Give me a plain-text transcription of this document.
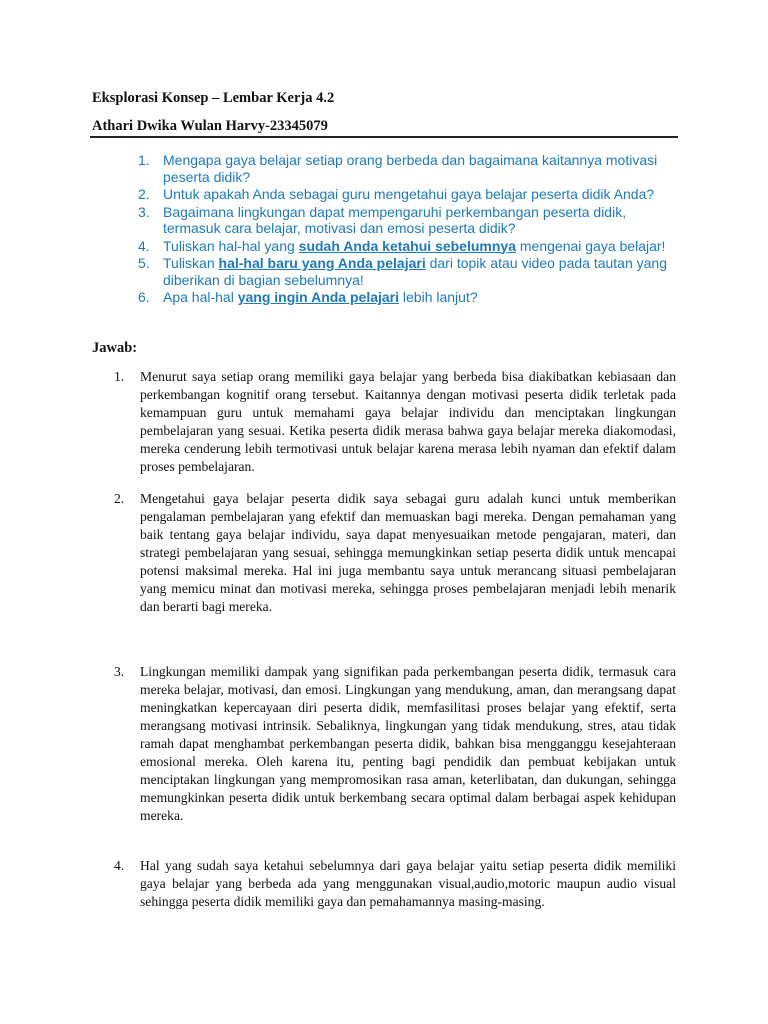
Eksplorasi Konsep – Lembar Kerja 4.2
Athari Dwika Wulan Harvy-23345079
1. Mengapa gaya belajar setiap orang berbeda dan bagaimana kaitannya motivasi peserta didik?
2. Untuk apakah Anda sebagai guru mengetahui gaya belajar peserta didik Anda?
3. Bagaimana lingkungan dapat mempengaruhi perkembangan peserta didik, termasuk cara belajar, motivasi dan emosi peserta didik?
4. Tuliskan hal-hal yang sudah Anda ketahui sebelumnya mengenai gaya belajar!
5. Tuliskan hal-hal baru yang Anda pelajari dari topik atau video pada tautan yang diberikan di bagian sebelumnya!
6. Apa hal-hal yang ingin Anda pelajari lebih lanjut?
Jawab:
1. Menurut saya setiap orang memiliki gaya belajar yang berbeda bisa diakibatkan kebiasaan dan perkembangan kognitif orang tersebut. Kaitannya dengan motivasi peserta didik terletak pada kemampuan guru untuk memahami gaya belajar individu dan menciptakan lingkungan pembelajaran yang sesuai. Ketika peserta didik merasa bahwa gaya belajar mereka diakomodasi, mereka cenderung lebih termotivasi untuk belajar karena merasa lebih nyaman dan efektif dalam proses pembelajaran.
2. Mengetahui gaya belajar peserta didik saya sebagai guru adalah kunci untuk memberikan pengalaman pembelajaran yang efektif dan memuaskan bagi mereka. Dengan pemahaman yang baik tentang gaya belajar individu, saya dapat menyesuaikan metode pengajaran, materi, dan strategi pembelajaran yang sesuai, sehingga memungkinkan setiap peserta didik untuk mencapai potensi maksimal mereka. Hal ini juga membantu saya untuk merancang situasi pembelajaran yang memicu minat dan motivasi mereka, sehingga proses pembelajaran menjadi lebih menarik dan berarti bagi mereka.
3. Lingkungan memiliki dampak yang signifikan pada perkembangan peserta didik, termasuk cara mereka belajar, motivasi, dan emosi. Lingkungan yang mendukung, aman, dan merangsang dapat meningkatkan kepercayaan diri peserta didik, memfasilitasi proses belajar yang efektif, serta merangsang motivasi intrinsik. Sebaliknya, lingkungan yang tidak mendukung, stres, atau tidak ramah dapat menghambat perkembangan peserta didik, bahkan bisa mengganggu kesejahteraan emosional mereka. Oleh karena itu, penting bagi pendidik dan pembuat kebijakan untuk menciptakan lingkungan yang mempromosikan rasa aman, keterlibatan, dan dukungan, sehingga memungkinkan peserta didik untuk berkembang secara optimal dalam berbagai aspek kehidupan mereka.
4. Hal yang sudah saya ketahui sebelumnya dari gaya belajar yaitu setiap peserta didik memiliki gaya belajar yang berbeda ada yang menggunakan visual,audio,motoric maupun audio visual sehingga peserta didik memiliki gaya dan pemahamannya masing-masing.
